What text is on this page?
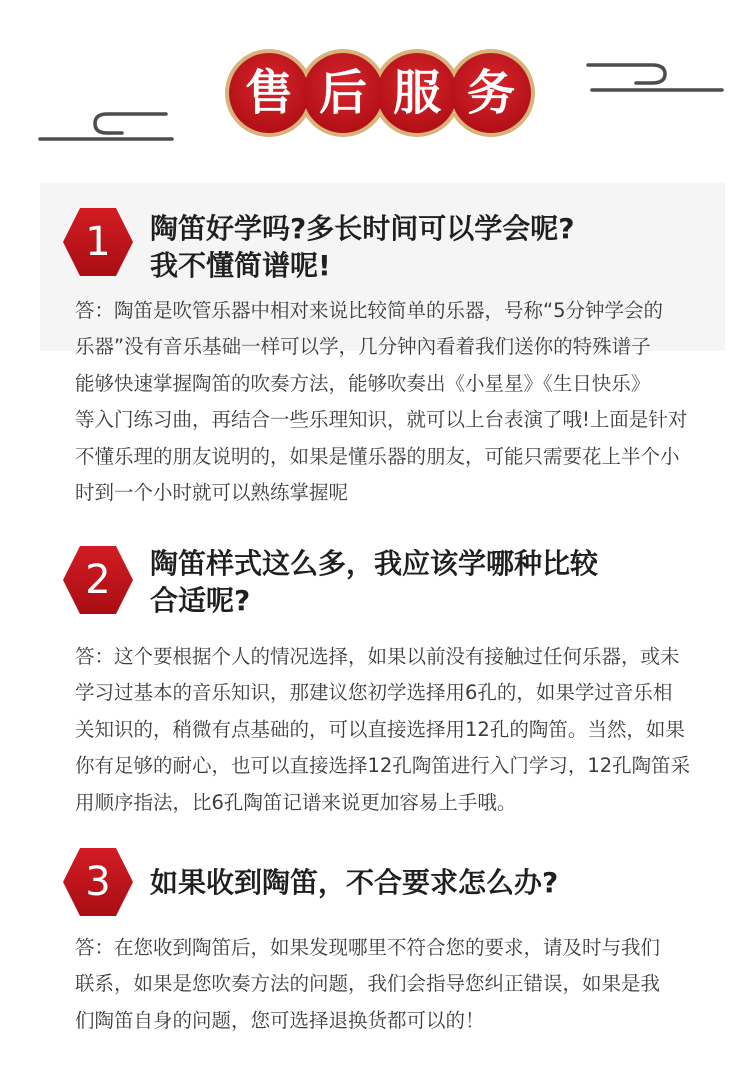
售后服务
1	陶笛好学吗?多长时间可以学会呢?
我不懂简谱呢!
答：陶笛是吹管乐器中相对来说比较简单的乐器，号称“5分钟学会的
乐器”没有音乐基础一样可以学，几分钟內看着我们送你的特殊谱子
能够快速掌握陶笛的吹奏方法，能够吹奏出《小星星》《生日快乐》
等入门练习曲，再结合一些乐理知识，就可以上台表演了哦!上面是针对
不懂乐理的朋友说明的，如果是懂乐器的朋友，可能只需要花上半个小
时到一个小时就可以熟练掌握呢
2	陶笛样式这么多，我应该学哪种比较
合适呢?
答：这个要根据个人的情况选择，如果以前没有接触过任何乐器，或未
学习过基本的音乐知识，那建议您初学选择用6孔的，如果学过音乐相
关知识的，稍微有点基础的，可以直接选择用12孔的陶笛。当然，如果
你有足够的耐心，也可以直接选择12孔陶笛进行入门学习，12孔陶笛采
用顺序指法，比6孔陶笛记谱来说更加容易上手哦。
3	如果收到陶笛，不合要求怎么办?
答：在您收到陶笛后，如果发现哪里不符合您的要求，请及时与我们
联系，如果是您吹奏方法的问题，我们会指导您纠正错误，如果是我
们陶笛自身的问题，您可选择退换货都可以的！
